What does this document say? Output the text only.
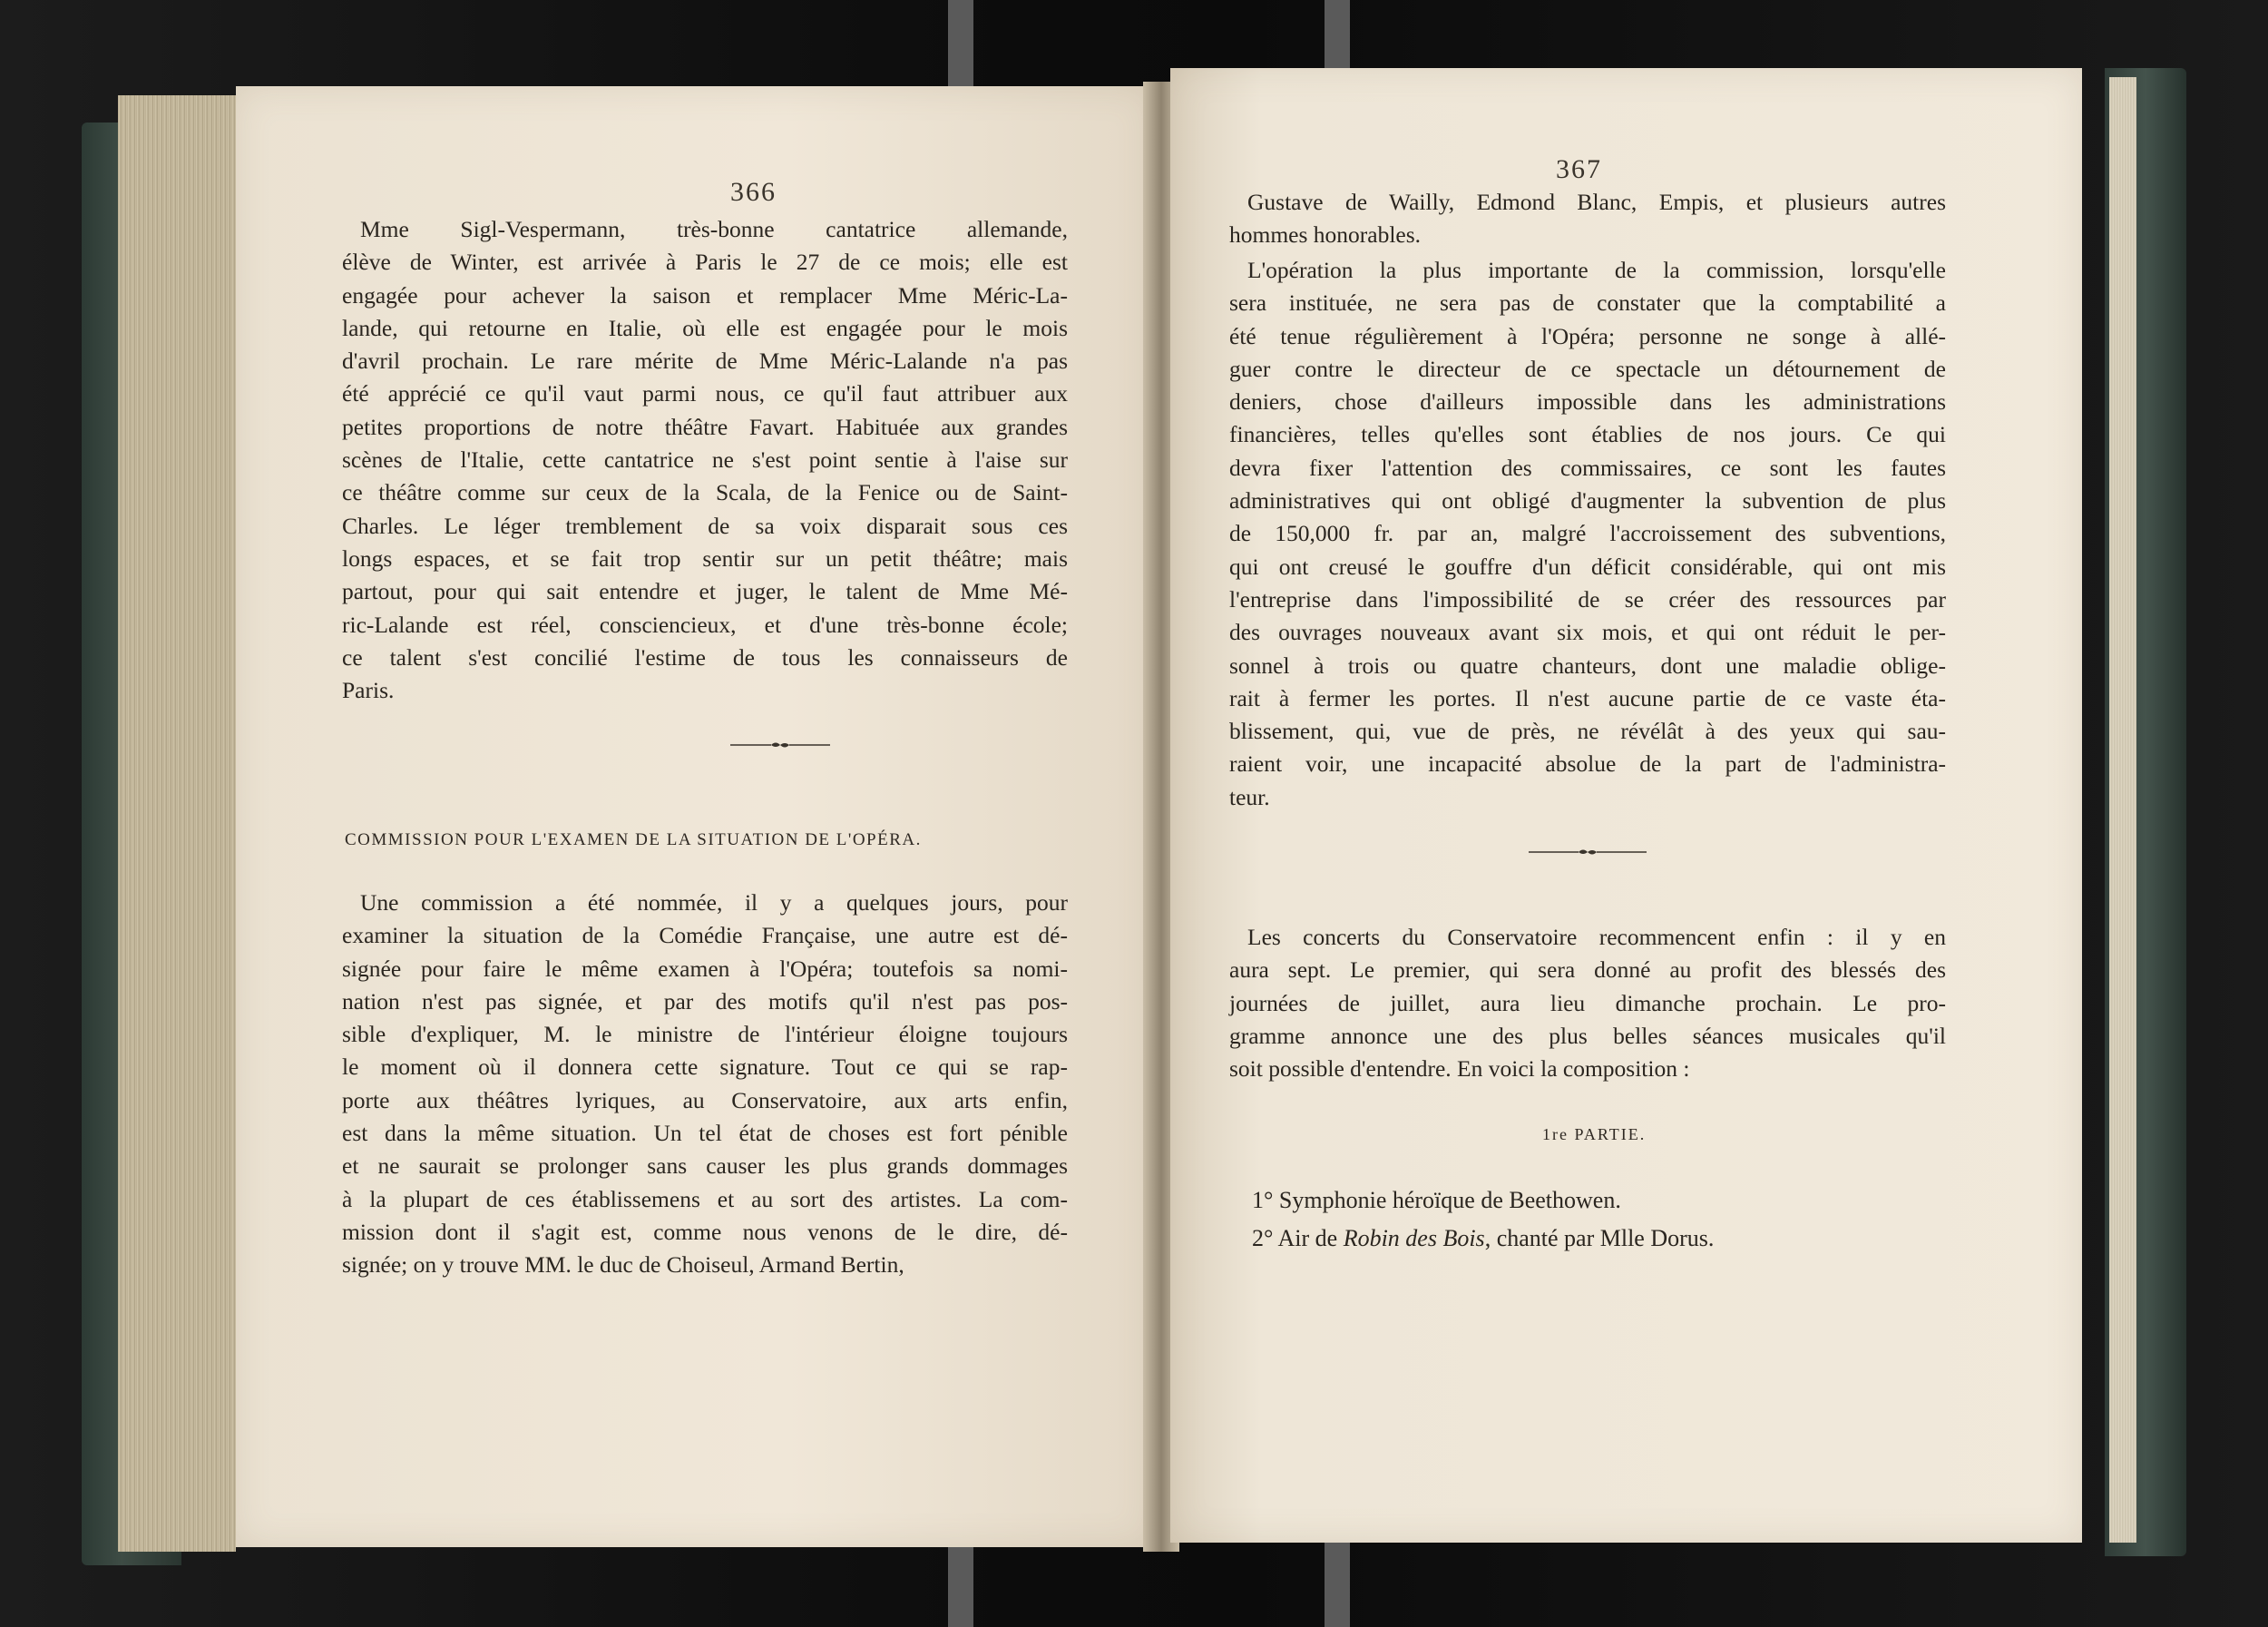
366
Mme Sigl-Vespermann, très-bonne cantatrice allemande,
élève de Winter, est arrivée à Paris le 27 de ce mois; elle est
engagée pour achever la saison et remplacer Mme Méric-La-
lande, qui retourne en Italie, où elle est engagée pour le mois
d'avril prochain. Le rare mérite de Mme Méric-Lalande n'a pas
été apprécié ce qu'il vaut parmi nous, ce qu'il faut attribuer aux
petites proportions de notre théâtre Favart. Habituée aux grandes
scènes de l'Italie, cette cantatrice ne s'est point sentie à l'aise sur
ce théâtre comme sur ceux de la Scala, de la Fenice ou de Saint-
Charles. Le léger tremblement de sa voix disparait sous ces
longs espaces, et se fait trop sentir sur un petit théâtre; mais
partout, pour qui sait entendre et juger, le talent de Mme Mé-
ric-Lalande est réel, consciencieux, et d'une très-bonne école;
ce talent s'est concilié l'estime de tous les connaisseurs de
Paris.
COMMISSION POUR L'EXAMEN DE LA SITUATION DE L'OPÉRA.
Une commission a été nommée, il y a quelques jours, pour
examiner la situation de la Comédie Française, une autre est dé-
signée pour faire le même examen à l'Opéra; toutefois sa nomi-
nation n'est pas signée, et par des motifs qu'il n'est pas pos-
sible d'expliquer, M. le ministre de l'intérieur éloigne toujours
le moment où il donnera cette signature. Tout ce qui se rap-
porte aux théâtres lyriques, au Conservatoire, aux arts enfin,
est dans la même situation. Un tel état de choses est fort pénible
et ne saurait se prolonger sans causer les plus grands dommages
à la plupart de ces établissemens et au sort des artistes. La com-
mission dont il s'agit est, comme nous venons de le dire, dé-
signée; on y trouve MM. le duc de Choiseul, Armand Bertin,
367
Gustave de Wailly, Edmond Blanc, Empis, et plusieurs autres
hommes honorables.
L'opération la plus importante de la commission, lorsqu'elle
sera instituée, ne sera pas de constater que la comptabilité a
été tenue régulièrement à l'Opéra; personne ne songe à allé-
guer contre le directeur de ce spectacle un détournement de
deniers, chose d'ailleurs impossible dans les administrations
financières, telles qu'elles sont établies de nos jours. Ce qui
devra fixer l'attention des commissaires, ce sont les fautes
administratives qui ont obligé d'augmenter la subvention de plus
de 150,000 fr. par an, malgré l'accroissement des subventions,
qui ont creusé le gouffre d'un déficit considérable, qui ont mis
l'entreprise dans l'impossibilité de se créer des ressources par
des ouvrages nouveaux avant six mois, et qui ont réduit le per-
sonnel à trois ou quatre chanteurs, dont une maladie oblige-
rait à fermer les portes. Il n'est aucune partie de ce vaste éta-
blissement, qui, vue de près, ne révélât à des yeux qui sau-
raient voir, une incapacité absolue de la part de l'administra-
teur.
Les concerts du Conservatoire recommencent enfin : il y en
aura sept. Le premier, qui sera donné au profit des blessés des
journées de juillet, aura lieu dimanche prochain. Le pro-
gramme annonce une des plus belles séances musicales qu'il
soit possible d'entendre. En voici la composition :
1re PARTIE.
1° Symphonie héroïque de Beethowen.
2° Air de Robin des Bois, chanté par Mlle Dorus.
